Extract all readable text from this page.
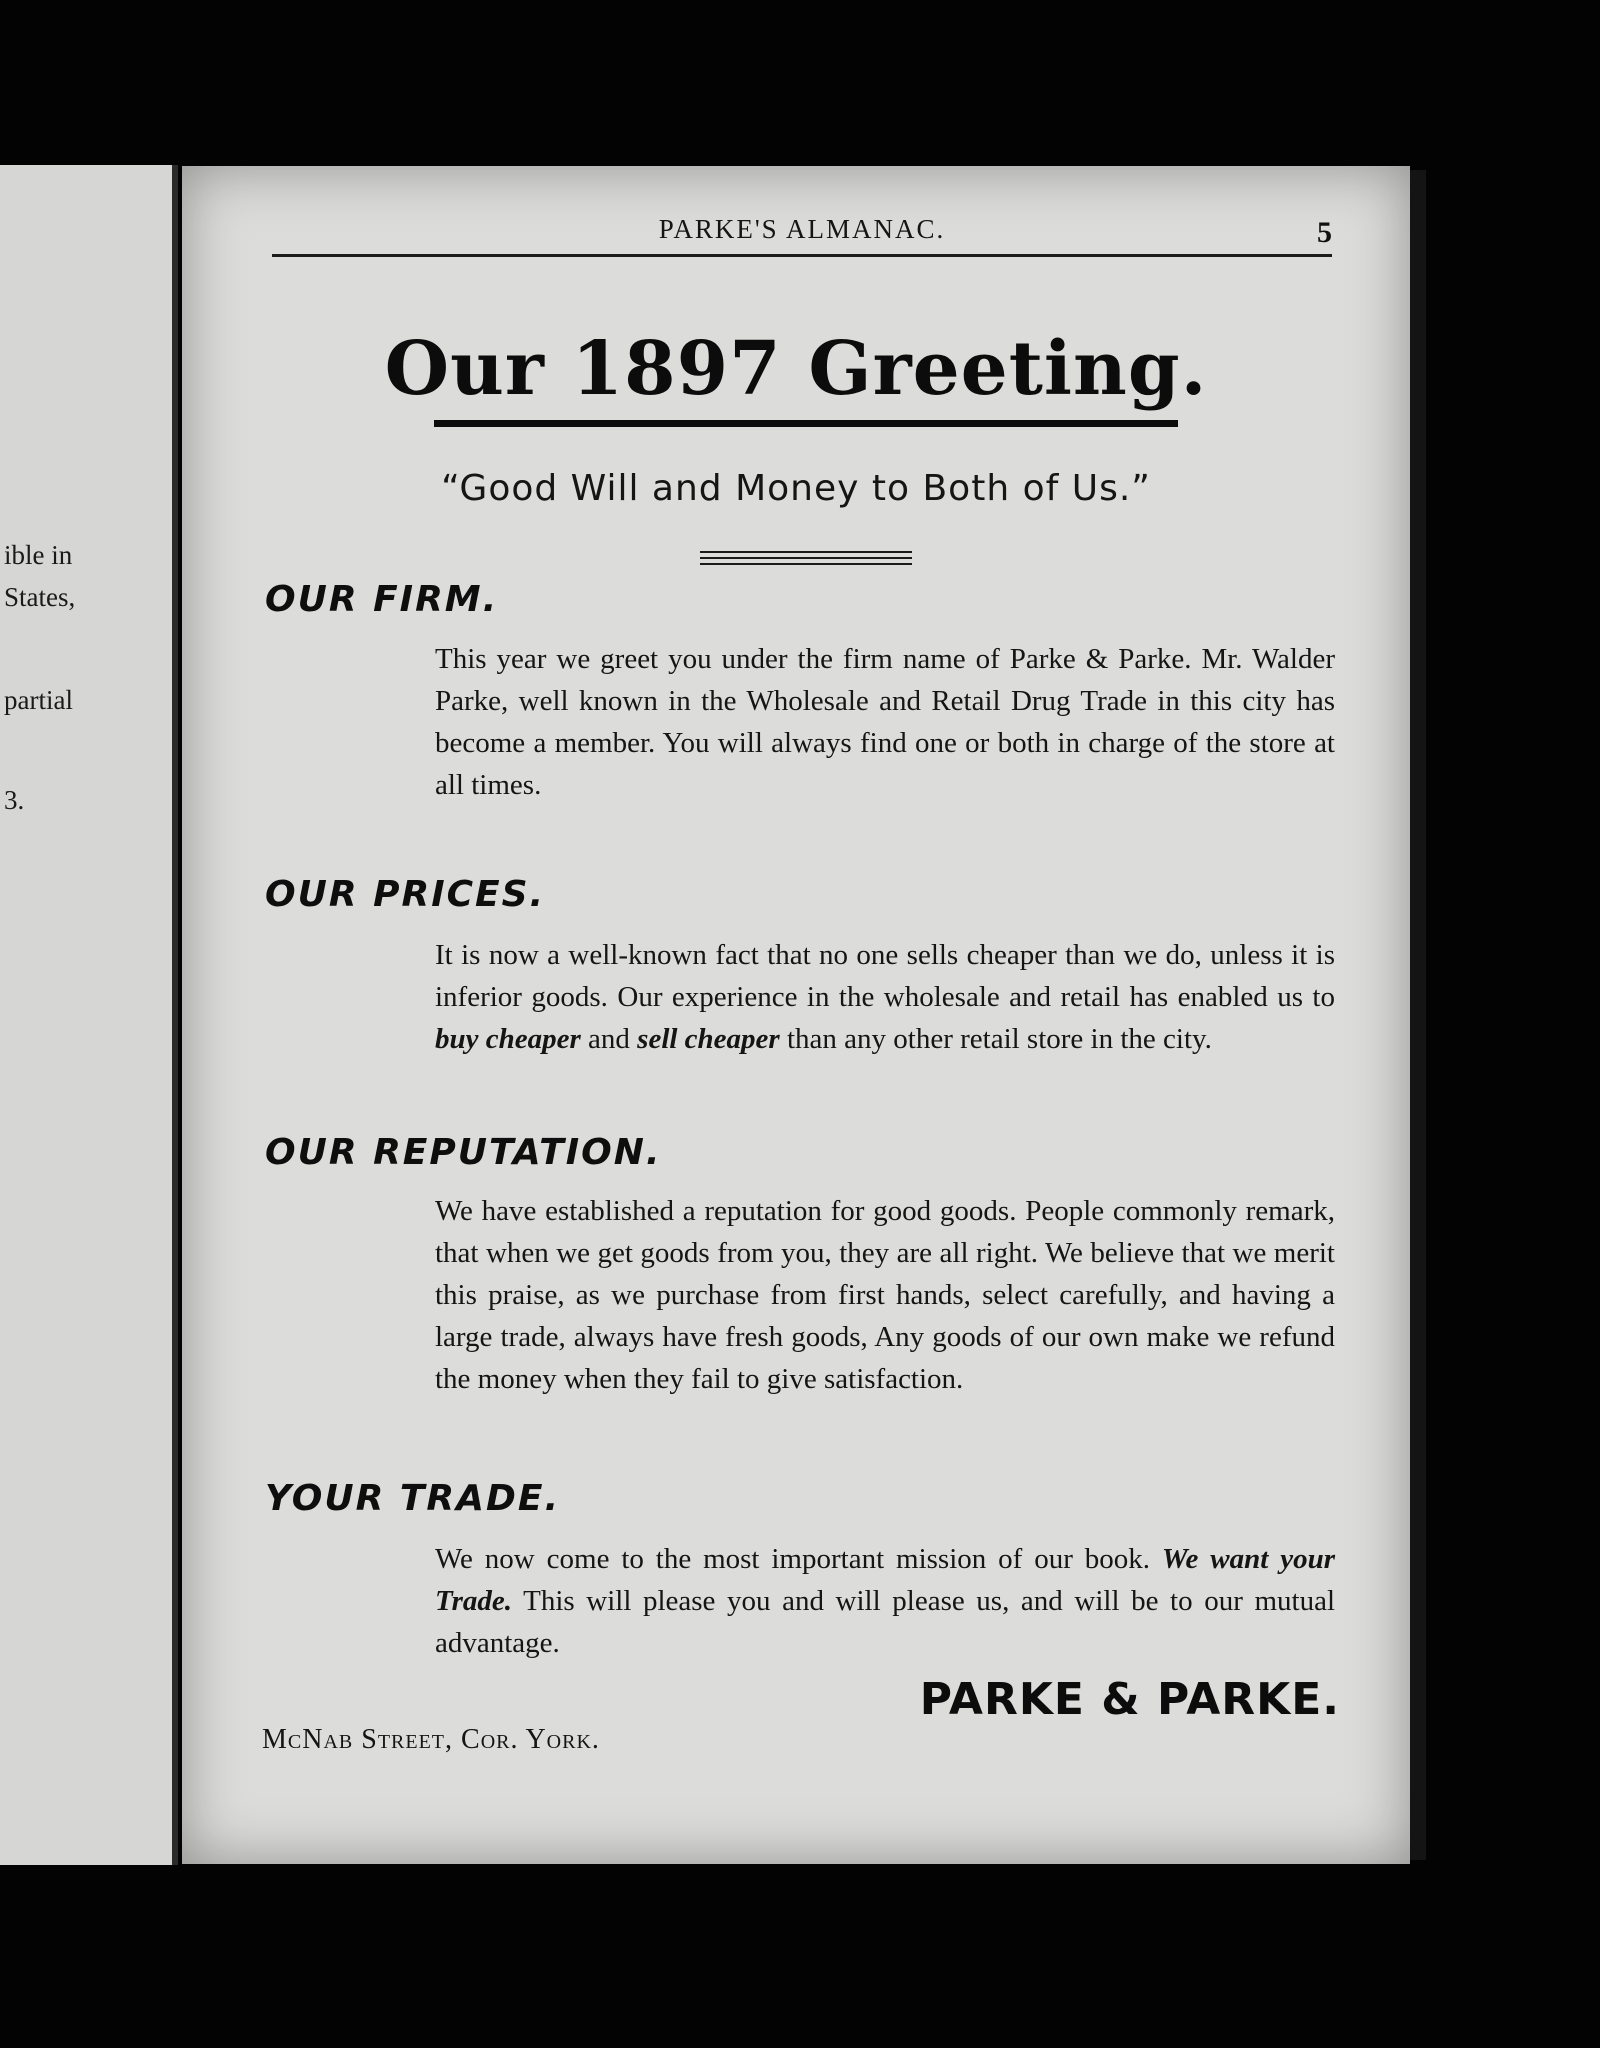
ible in
States,
partial
3.
PARKE'S ALMANAC.	5
Our 1897 Greeting.
“Good Will and Money to Both of Us.”
OUR FIRM.
This year we greet you under the firm name of Parke & Parke. Mr. Walder Parke, well known in the Wholesale and Retail Drug Trade in this city has become a member. You will always find one or both in charge of the store at all times.
OUR PRICES.
It is now a well-known fact that no one sells cheaper than we do, unless it is inferior goods. Our experience in the wholesale and retail has enabled us to buy cheaper and sell cheaper than any other retail store in the city.
OUR REPUTATION.
We have established a reputation for good goods. People commonly remark, that when we get goods from you, they are all right. We believe that we merit this praise, as we purchase from first hands, select carefully, and having a large trade, always have fresh goods, Any goods of our own make we refund the money when they fail to give satisfaction.
YOUR TRADE.
We now come to the most important mission of our book. We want your Trade. This will please you and will please us, and will be to our mutual advantage.
PARKE & PARKE.
McNab Street, Cor. York.
